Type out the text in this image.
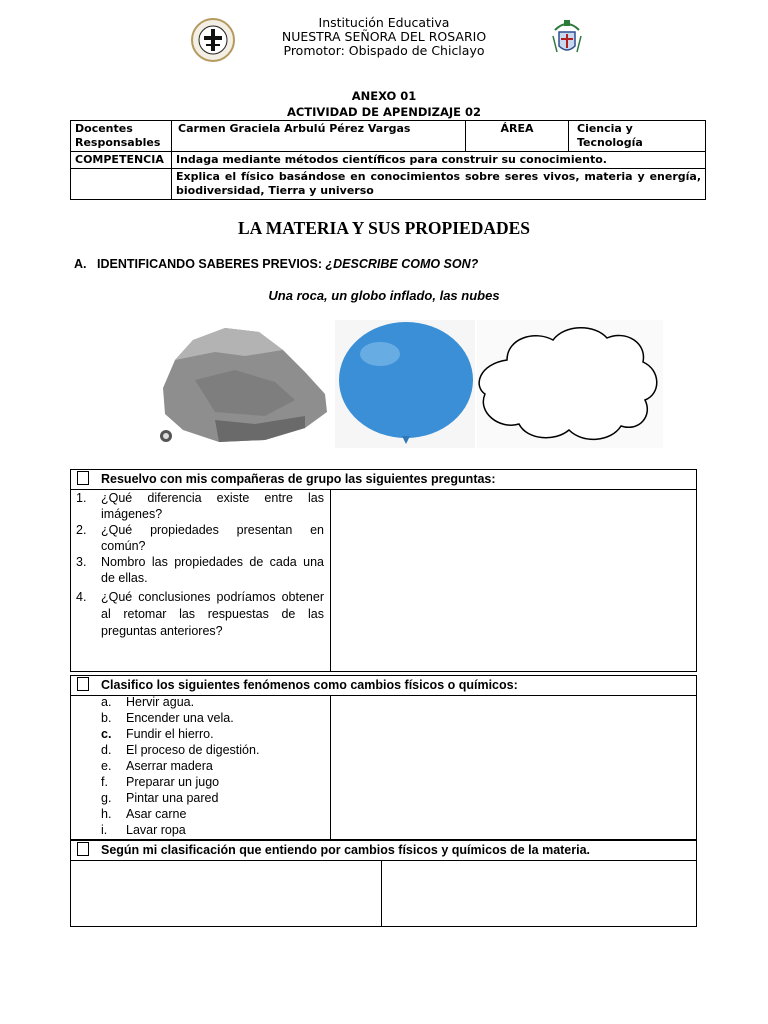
Institución Educativa
NUESTRA SEÑORA DEL ROSARIO
Promotor: Obispado de Chiclayo
ANEXO 01
ACTIVIDAD DE APENDIZAJE 02
Docentes Responsables	Carmen Graciela Arbulú Pérez Vargas	ÁREA	Ciencia y Tecnología
COMPETENCIA	Indaga mediante métodos científicos para construir su conocimiento.		
	Explica el físico basándose en conocimientos sobre seres vivos, materia y energía, biodiversidad, Tierra y universo		
LA MATERIA Y SUS PROPIEDADES
A. IDENTIFICANDO SABERES PREVIOS: ¿DESCRIBE COMO SON?
Una roca, un globo inflado, las nubes
Resuelvo con mis compañeras de grupo las siguientes preguntas:

1.	¿Qué diferencia existe entre las imágenes?
2.	¿Qué propiedades presentan en común?
3.	Nombro las propiedades de cada una de ellas.
4.	¿Qué conclusiones podríamos obtener al retomar las respuestas de las preguntas anteriores?

Clasifico los siguientes fenómenos como cambios físicos o químicos:

a.	Hervir agua.
b.	Encender una vela.
c.	Fundir el hierro.
d.	El proceso de digestión.
e.	Aserrar madera
f.	Preparar un jugo
g.	Pintar una pared
h.	Asar carne
i.	Lavar ropa

Según mi clasificación que entiendo por cambios físicos y químicos de la materia.
